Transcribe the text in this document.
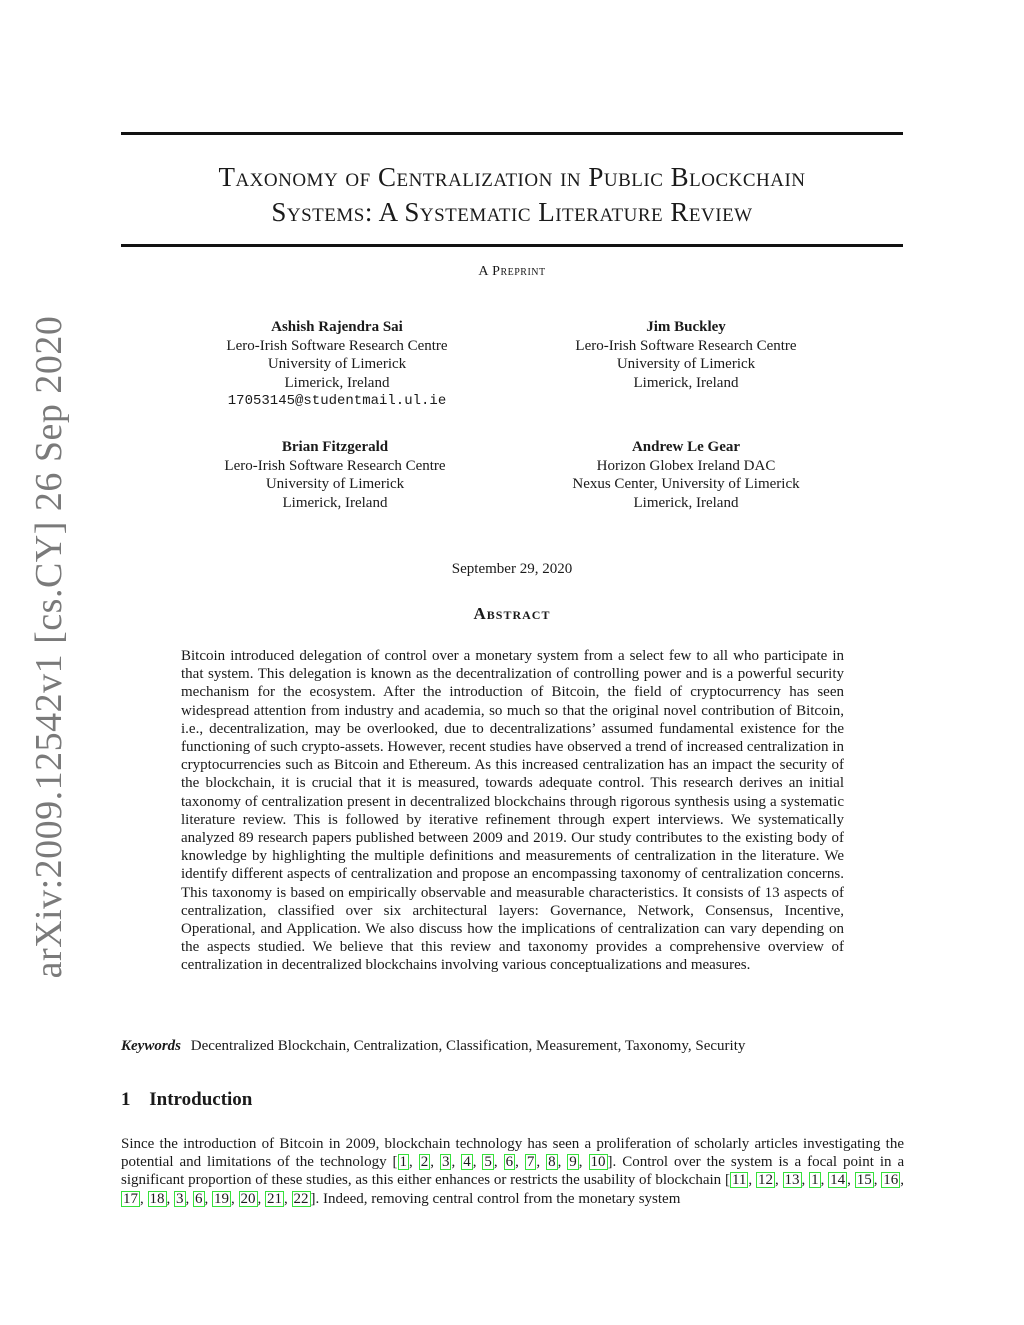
Taxonomy of Centralization in Public Blockchain
Systems: A Systematic Literature Review
A Preprint
Ashish Rajendra Sai
Lero-Irish Software Research Centre
University of Limerick
Limerick, Ireland
17053145@studentmail.ul.ie
Jim Buckley
Lero-Irish Software Research Centre
University of Limerick
Limerick, Ireland
Brian Fitzgerald
Lero-Irish Software Research Centre
University of Limerick
Limerick, Ireland
Andrew Le Gear
Horizon Globex Ireland DAC
Nexus Center, University of Limerick
Limerick, Ireland
September 29, 2020
Abstract
Bitcoin introduced delegation of control over a monetary system from a select few to all who participate in that system. This delegation is known as the decentralization of controlling power and is a powerful security mechanism for the ecosystem. After the introduction of Bitcoin, the field of cryptocurrency has seen widespread attention from industry and academia, so much so that the original novel contribution of Bitcoin, i.e., decentralization, may be overlooked, due to decentralizations’ assumed fundamental existence for the functioning of such crypto-assets. However, recent studies have observed a trend of increased centralization in cryptocurrencies such as Bitcoin and Ethereum. As this increased centralization has an impact the security of the blockchain, it is crucial that it is measured, towards adequate control. This research derives an initial taxonomy of centralization present in decentralized blockchains through rigorous synthesis using a systematic literature review. This is followed by iterative refinement through expert interviews. We systematically analyzed 89 research papers published between 2009 and 2019. Our study contributes to the existing body of knowledge by highlighting the multiple definitions and measurements of centralization in the literature. We identify different aspects of centralization and propose an encompassing taxonomy of centralization concerns. This taxonomy is based on empirically observable and measurable characteristics. It consists of 13 aspects of centralization, classified over six architectural layers: Governance, Network, Consensus, Incentive, Operational, and Application. We also discuss how the implications of centralization can vary depending on the aspects studied. We believe that this review and taxonomy provides a comprehensive overview of centralization in decentralized blockchains involving various conceptualizations and measures.
Keywords Decentralized Blockchain, Centralization, Classification, Measurement, Taxonomy, Security
1 Introduction
Since the introduction of Bitcoin in 2009, blockchain technology has seen a proliferation of scholarly articles investigating the potential and limitations of the technology [ 1 , 2 , 3 , 4 , 5 , 6 , 7 , 8 , 9 , 10 ]. Control over the system is a focal point in a significant proportion of these studies, as this either enhances or restricts the usability of blockchain [ 11 , 12 , 13 , 1 , 14 , 15 , 16 , 17 , 18 , 3 , 6 , 19 , 20 , 21 , 22 ]. Indeed, removing central control from the monetary system
arXiv:2009.12542v1 [cs.CY] 26 Sep 2020
